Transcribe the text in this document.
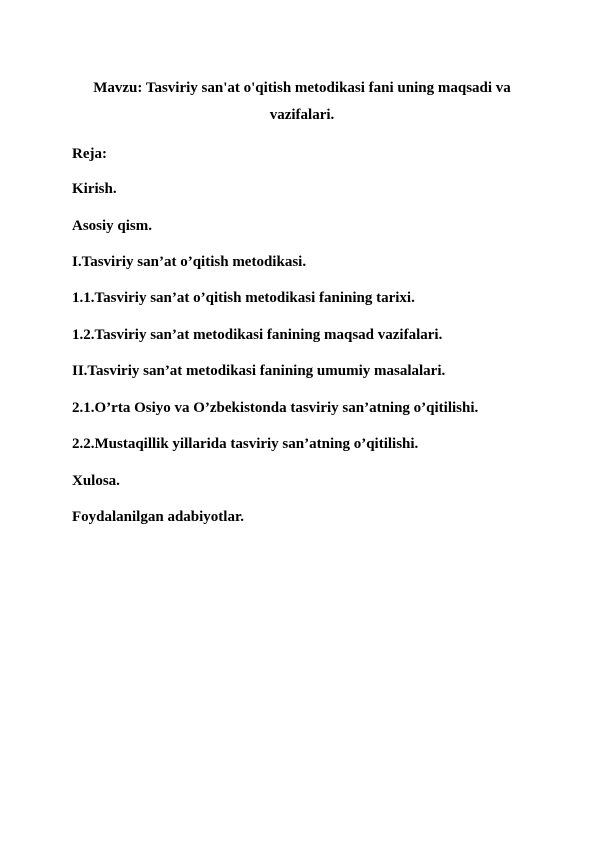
Mavzu: Tasviriy san'at o'qitish metodikasi fani uning maqsadi va
vazifalari.
Reja:
Kirish.
Asosiy qism.
I.Tasviriy san’at o’qitish metodikasi.
1.1.Tasviriy san’at o’qitish metodikasi fanining tarixi.
1.2.Tasviriy san’at metodikasi fanining maqsad vazifalari.
II.Tasviriy san’at metodikasi fanining umumiy masalalari.
2.1.O’rta Osiyo va O’zbekistonda tasviriy san’atning o’qitilishi.
2.2.Mustaqillik yillarida tasviriy san’atning o’qitilishi.
Xulosa.
Foydalanilgan adabiyotlar.
